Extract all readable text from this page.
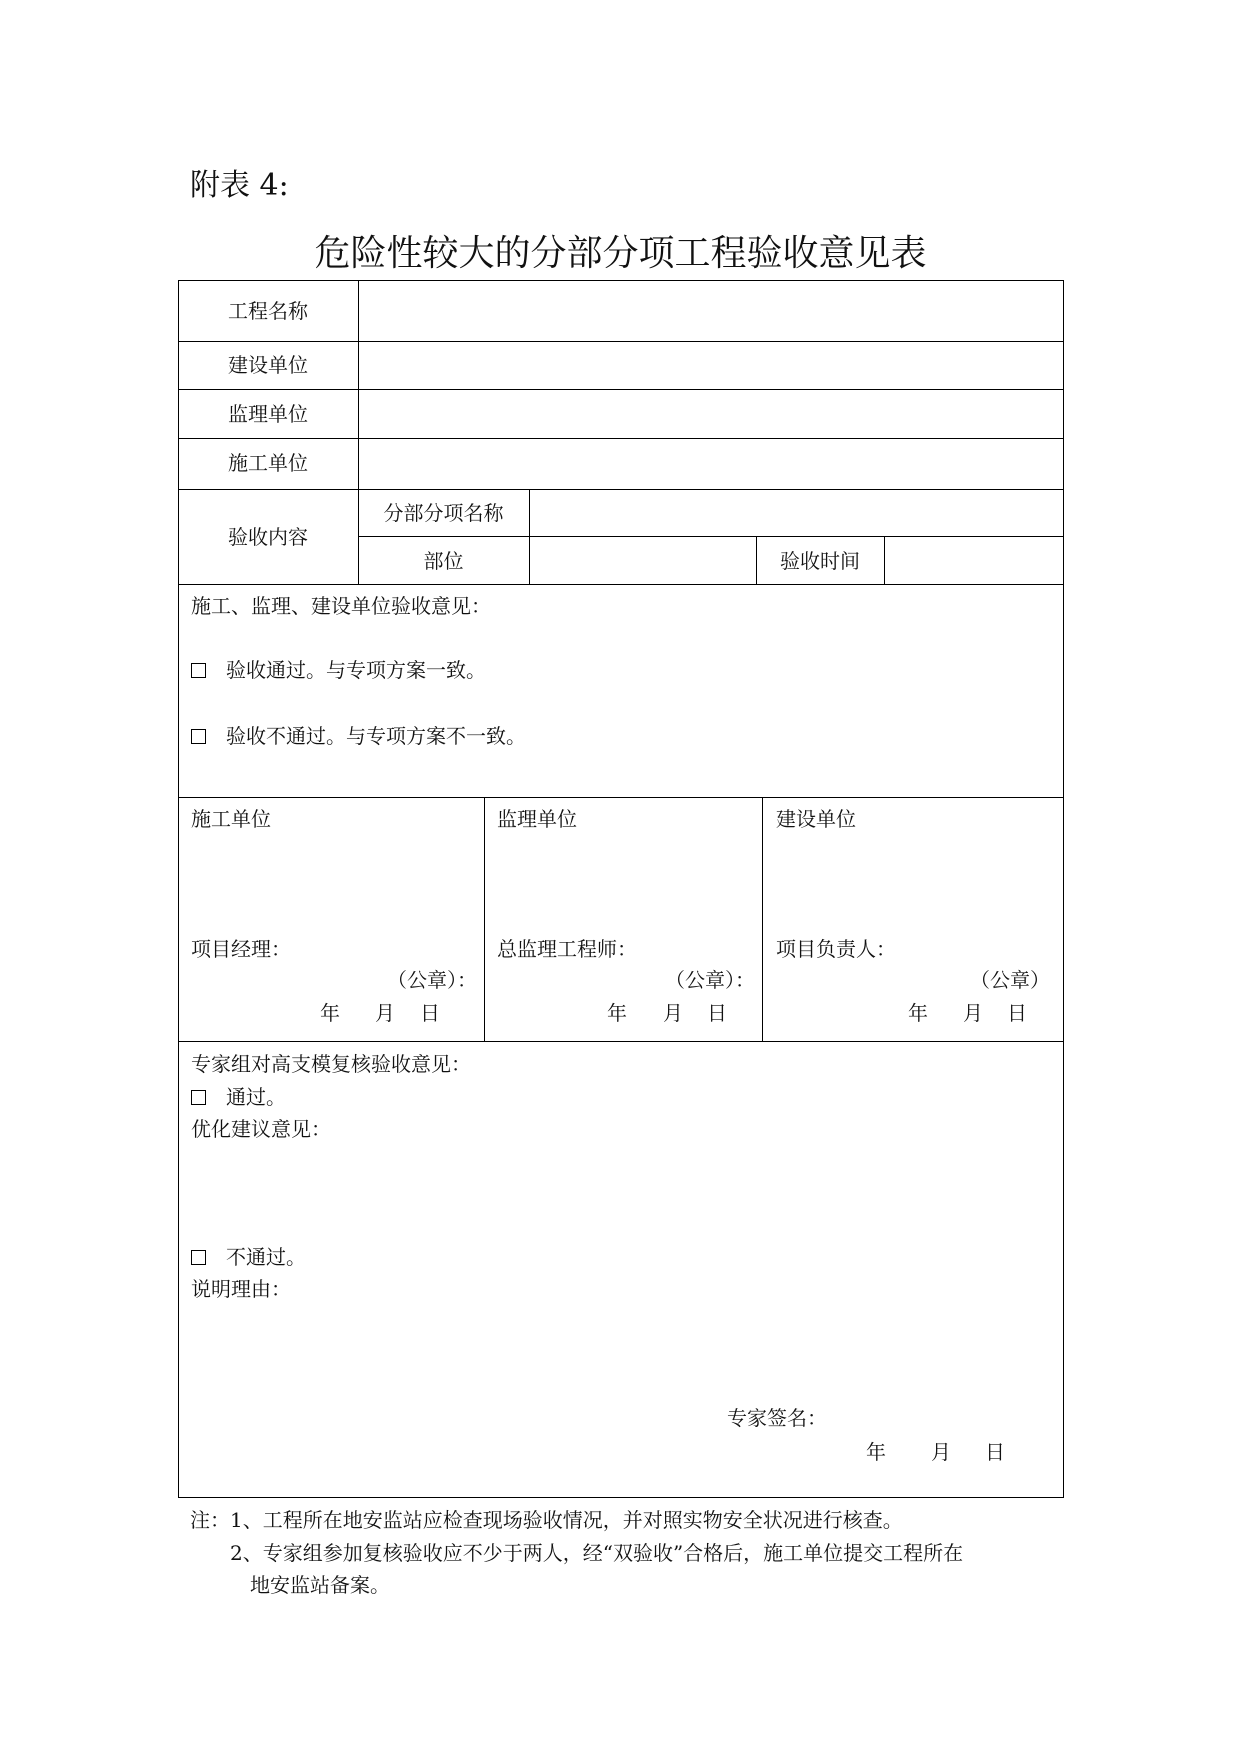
附表 4:
危险性较大的分部分项工程验收意见表
工程名称
建设单位
监理单位
施工单位
验收内容
分部分项名称
部位	验收时间
施工、监理、建设单位验收意见：
验收通过。与专项方案一致。
验收不通过。与专项方案不一致。
施工单位
项目经理：
（公章）：
年 月 日
监理单位
总监理工程师：
（公章）：
年 月 日
建设单位
项目负责人：
（公章）
年 月 日
专家组对高支模复核验收意见：
通过。
优化建议意见：
不通过。
说明理由：
专家签名：
年 月 日
注：1、工程所在地安监站应检查现场验收情况，并对照实物安全状况进行核查。
2、专家组参加复核验收应不少于两人，经“双验收”合格后，施工单位提交工程所在
地安监站备案。
